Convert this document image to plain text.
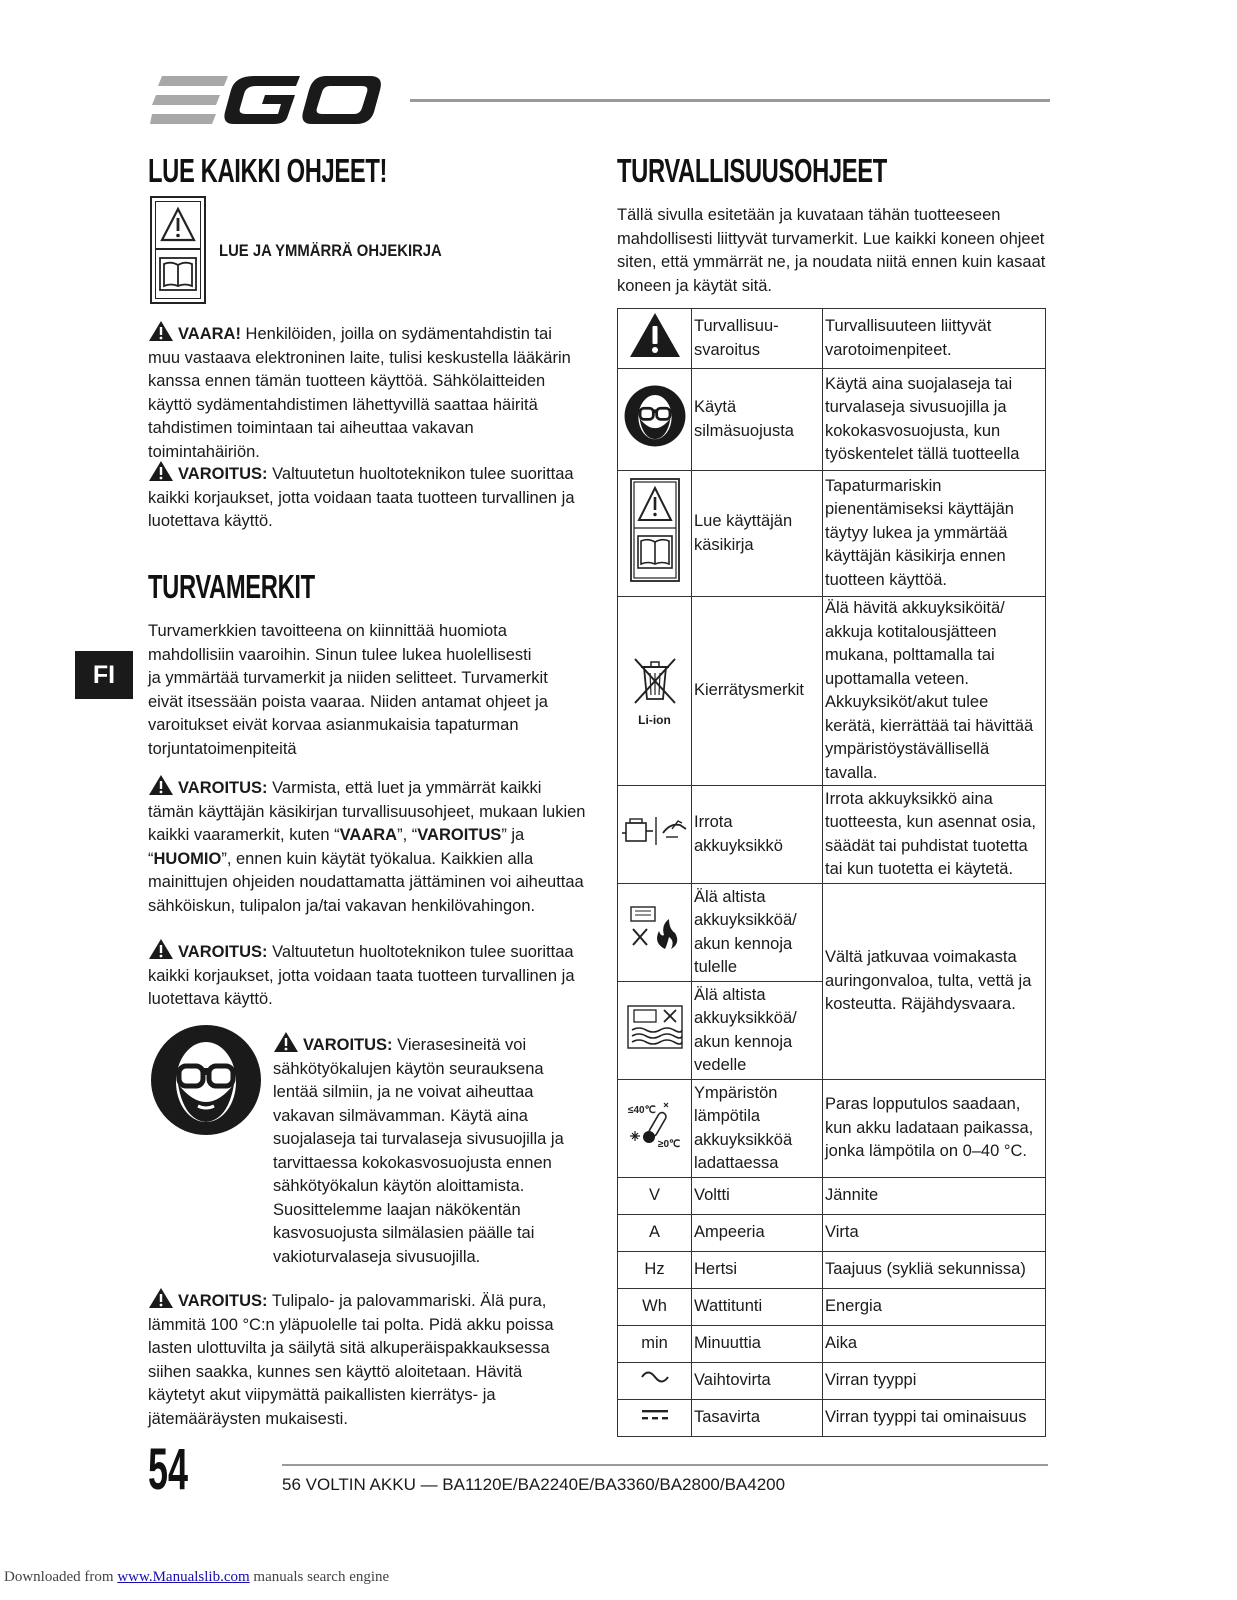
LUE KAIKKI OHJEET!
LUE JA YMMÄRRÄ OHJEKIRJA

VAARA! Henkilöiden, joilla on sydämentahdistin tai muu vastaava elektroninen laite, tulisi keskustella lääkärin kanssa ennen tämän tuotteen käyttöä. Sähkölaitteiden käyttö sydämentahdistimen lähettyvillä saattaa häiritä tahdistimen toimintaan tai aiheuttaa vakavan toimintahäiriön.

VAROITUS: Valtuutetun huoltoteknikon tulee suorittaa kaikki korjaukset, jotta voidaan taata tuotteen turvallinen ja luotettava käyttö.

TURVAMERKIT

Turvamerkkien tavoitteena on kiinnittää huomiota mahdollisiin vaaroihin. Sinun tulee lukea huolellisesti ja ymmärtää turvamerkit ja niiden selitteet. Turvamerkit eivät itsessään poista vaaraa. Niiden antamat ohjeet ja varoitukset eivät korvaa asianmukaisia tapaturman torjuntatoimenpiteitä

FI

VAROITUS: Varmista, että luet ja ymmärrät kaikki tämän käyttäjän käsikirjan turvallisuusohjeet, mukaan lukien kaikki vaaramerkit, kuten “VAARA”, “VAROITUS” ja “HUOMIO”, ennen kuin käytät työkalua. Kaikkien alla mainittujen ohjeiden noudattamatta jättäminen voi aiheuttaa sähköiskun, tulipalon ja/tai vakavan henkilövahingon.

VAROITUS: Valtuutetun huoltoteknikon tulee suorittaa kaikki korjaukset, jotta voidaan taata tuotteen turvallinen ja luotettava käyttö.

VAROITUS: Vierasesineitä voi sähkötyökalujen käytön seurauksena lentää silmiin, ja ne voivat aiheuttaa vakavan silmävamman. Käytä aina suojalaseja tai turvalaseja sivusuojilla ja tarvittaessa kokokasvosuojusta ennen sähkötyökalun käytön aloittamista. Suosittelemme laajan näkökentän kasvosuojusta silmälasien päälle tai vakioturvalaseja sivusuojilla.

VAROITUS: Tulipalo- ja palovammariski. Älä pura, lämmitä 100 °C:n yläpuolelle tai polta. Pidä akku poissa lasten ulottuvilta ja säilytä sitä alkuperäispakkauksessa siihen saakka, kunnes sen käyttö aloitetaan. Hävitä käytetyt akut viipymättä paikallisten kierrätys- ja jätemääräysten mukaisesti.

TURVALLISUUSOHJEET

Tällä sivulla esitetään ja kuvataan tähän tuotteeseen mahdollisesti liittyvät turvamerkit. Lue kaikki koneen ohjeet siten, että ymmärrät ne, ja noudata niitä ennen kuin kasaat koneen ja käytät sitä.

Turvallisuu-
svaroitus	Turvallisuuteen liittyvät varotoimenpiteet.

Käytä silmäsuojusta	Käytä aina suojalaseja tai turvalaseja sivusuojilla ja kokokasvosuojusta, kun työskentelet tällä tuotteella

Lue käyttäjän käsikirja	Tapaturmariskin pienentämiseksi käyttäjän täytyy lukea ja ymmärtää käyttäjän käsikirja ennen tuotteen käyttöä.

Li-ion	Kierrätysmerkit	Älä hävitä akkuyksiköitä/ akkuja kotitalousjätteen mukana, polttamalla tai upottamalla veteen. Akkuyksiköt/akut tulee kerätä, kierrättää tai hävittää ympäristöystävällisellä tavalla.

Irrota akkuyksikkö	Irrota akkuyksikkö aina tuotteesta, kun asennat osia, säädät tai puhdistat tuotetta tai kun tuotetta ei käytetä.

Älä altista akkuyksikköä/ akun kennoja tulelle	Vältä jatkuvaa voimakasta auringonvaloa, tulta, vettä ja kosteutta. Räjähdysvaara.

Älä altista akkuyksikköä/ akun kennoja vedelle	

≤40℃
≥0℃	Ympäristön lämpötila akkuyksikköä ladattaessa	Paras lopputulos saadaan, kun akku ladataan paikassa, jonka lämpötila on 0–40 °C.

V	Voltti	Jännite
A	Ampeeria	Virta
Hz	Hertsi	Taajuus (sykliä sekunnissa)
Wh	Wattitunti	Energia
min	Minuuttia	Aika
	Vaihtovirta	Virran tyyppi
	Tasavirta	Virran tyyppi tai ominaisuus
54	56 VOLTIN AKKU — BA1120E/BA2240E/BA3360/BA2800/BA4200
Downloaded from www.Manualslib.com manuals search engine
